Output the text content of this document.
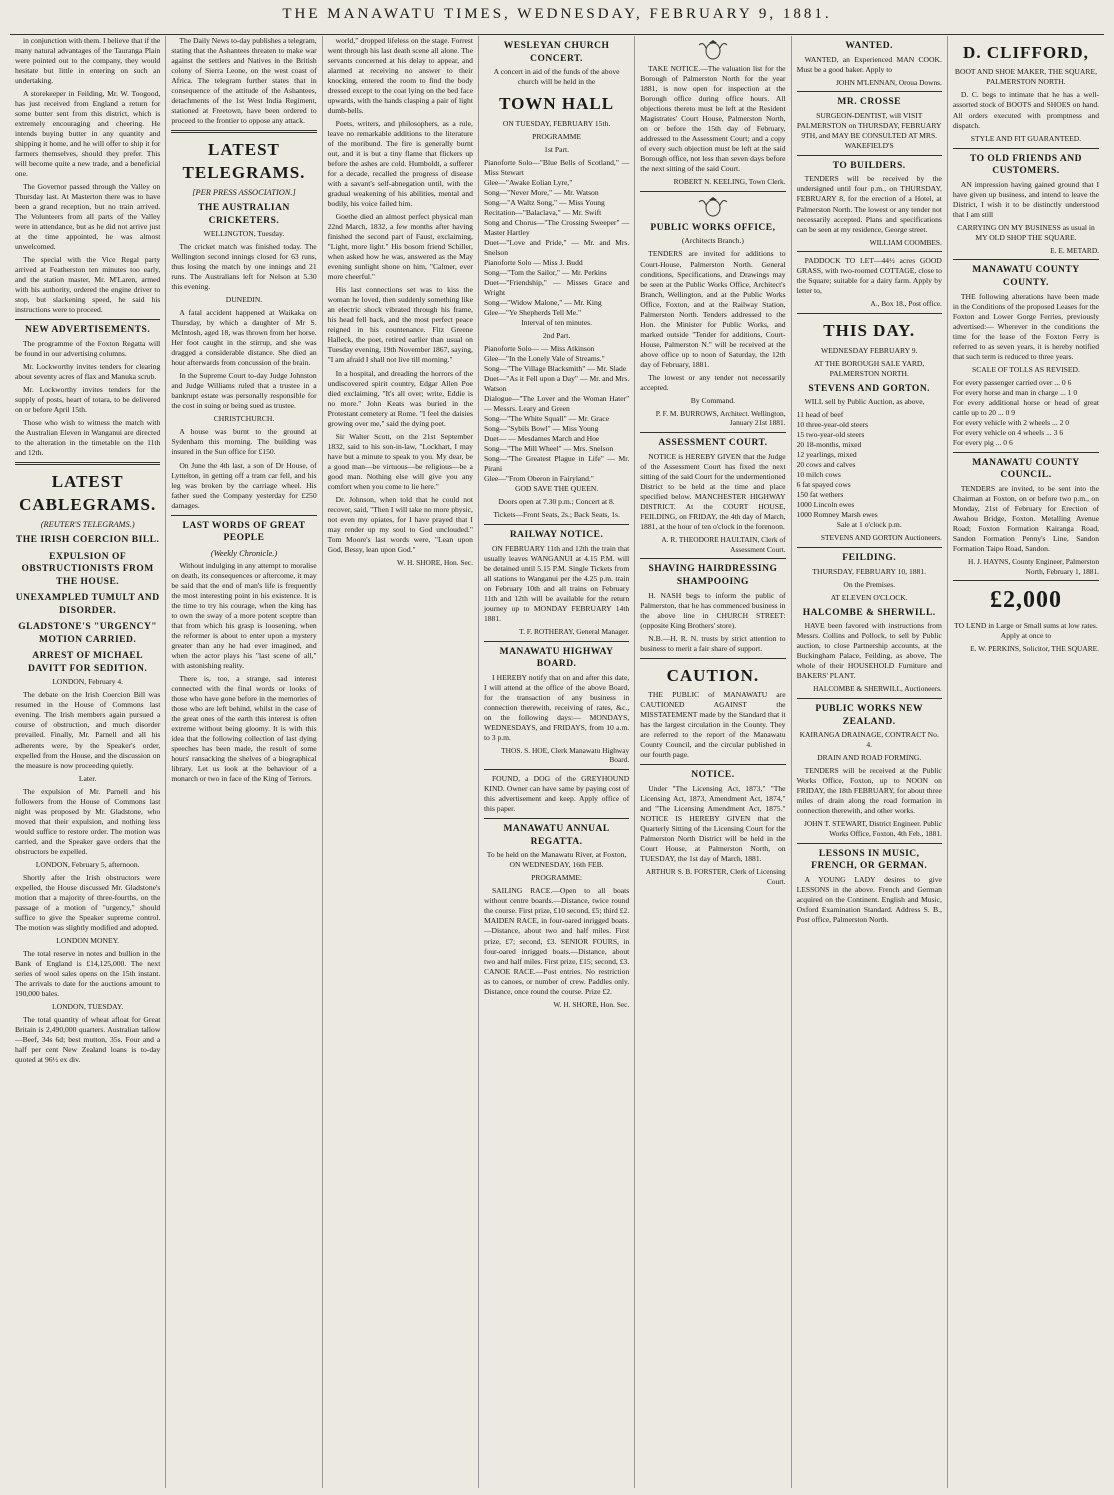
THE MANAWATU TIMES, WEDNESDAY, FEBRUARY 9, 1881.

in conjunction with them. I believe that if the many natural advantages of the Tauranga Plain were pointed out to the company, they would hesitate but little in entering on such an undertaking.

A storekeeper in Feilding, Mr. W. Toogood, has just received from England a return for some butter sent from this district, which is extremely encouraging and cheering. He intends buying butter in any quantity and shipping it home, and he will offer to ship it for farmers themselves, should they prefer. This will become quite a new trade, and a beneficial one.

The Governor passed through the Valley on Thursday last. At Masterton there was to have been a grand reception, but no train arrived. The Volunteers from all parts of the Valley were in attendance, but as he did not arrive just at the time appointed, he was almost unwelcomed.

The special with the Vice Regal party arrived at Featherston ten minutes too early, and the station master, Mr. M'Laren, armed with his authority, ordered the engine driver to stop, but slackening speed, he said his instructions were to proceed.

NEW ADVERTISEMENTS.

The programme of the Foxton Regatta will be found in our advertising columns.

Mr. Lockworthy invites tenders for clearing about seventy acres of flax and Manuka scrub.

Mr. Lockworthy invites tenders for the supply of posts, heart of totara, to be delivered on or before April 15th.

Those who wish to witness the match with the Australian Eleven in Wanganui are directed to the alteration in the timetable on the 11th and 12th.

LATEST CABLEGRAMS.
(REUTER'S TELEGRAMS.)
THE IRISH COERCION BILL.
EXPULSION OF OBSTRUCTIONISTS FROM THE HOUSE.
UNEXAMPLED TUMULT AND DISORDER.
GLADSTONE'S "URGENCY" MOTION CARRIED.
ARREST OF MICHAEL DAVITT FOR SEDITION.

LONDON, February 4.

The debate on the Irish Coercion Bill was resumed in the House of Commons last evening. The Irish members again pursued a course of obstruction, and much disorder prevailed. Finally, Mr. Parnell and all his adherents were, by the Speaker's order, expelled from the House, and the discussion on the measure is now proceeding quietly.

Later.

The expulsion of Mr. Parnell and his followers from the House of Commons last night was proposed by Mr. Gladstone, who moved that their expulsion, and nothing less would suffice to restore order. The motion was carried, and the Speaker gave orders that the obstructors be expelled.

LONDON, February 5, afternoon.

Shortly after the Irish obstructors were expelled, the House discussed Mr. Gladstone's motion that a majority of three-fourths, on the passage of a motion of "urgency," should suffice to give the Speaker supreme control. The motion was slightly modified and adopted.

LONDON MONEY.

The total reserve in notes and bullion in the Bank of England is £14,125,000. The next series of wool sales opens on the 15th instant. The arrivals to date for the auctions amount to 190,000 bales.

LONDON, TUESDAY.

The total quantity of wheat afloat for Great Britain is 2,490,000 quarters. Australian tallow—Beef, 34s 6d; best mutton, 35s. Four and a half per cent New Zealand loans is to-day quoted at 96½ ex div.

The Daily News to-day publishes a telegram, stating that the Ashantees threaten to make war against the settlers and Natives in the British colony of Sierra Leone, on the west coast of Africa. The telegram further states that in consequence of the attitude of the Ashantees, detachments of the 1st West India Regiment, stationed at Freetown, have been ordered to proceed to the frontier to oppose any attack.

LATEST TELEGRAMS.
[PER PRESS ASSOCIATION.]
THE AUSTRALIAN CRICKETERS.

WELLINGTON, Tuesday.

The cricket match was finished today. The Wellington second innings closed for 63 runs, thus losing the match by one innings and 21 runs. The Australians left for Nelson at 5.30 this evening.

DUNEDIN.

A fatal accident happened at Waikaka on Thursday, by which a daughter of Mr S. McIntosh, aged 18, was thrown from her horse. Her foot caught in the stirrup, and she was dragged a considerable distance. She died an hour afterwards from concussion of the brain.

In the Supreme Court to-day Judge Johnston and Judge Williams ruled that a trustee in a bankrupt estate was personally responsible for the cost in suing or being sued as trustee.

CHRISTCHURCH.

A house was burnt to the ground at Sydenham this morning. The building was insured in the Sun office for £150.

On June the 4th last, a son of Dr House, of Lyttelton, in getting off a tram car fell, and his leg was broken by the carriage wheel. His father sued the Company yesterday for £250 damages.

LAST WORDS OF GREAT PEOPLE
(Weekly Chronicle.)

Without indulging in any attempt to moralise on death, its consequences or aftercome, it may be said that the end of man's life is frequently the most interesting point in his existence. It is the time to try his courage, when the king has to own the sway of a more potent sceptre than that from which his grasp is loosening, when the reformer is about to enter upon a mystery greater than any he had ever imagined, and when the actor plays his "last scene of all," with astonishing reality.

There is, too, a strange, sad interest connected with the final words or looks of those who have gone before in the memories of those who are left behind, whilst in the case of the great ones of the earth this interest is often extreme without being gloomy. It is with this idea that the following collection of last dying speeches has been made, the result of some hours' ransacking the shelves of a biographical library. Let us look at the behaviour of a monarch or two in face of the King of Terrors.

world," dropped lifeless on the stage. Forrest went through his last death scene all alone. The servants concerned at his delay to appear, and alarmed at receiving no answer to their knocking, entered the room to find the body dressed except to the coat lying on the bed face upwards, with the hands clasping a pair of light dumb-bells.

Poets, writers, and philosophers, as a rule, leave no remarkable additions to the literature of the moribund. The fire is generally burnt out, and it is but a tiny flame that flickers up before the ashes are cold. Humboldt, a sufferer for a decade, recalled the progress of disease with a savant's self-abnegation until, with the gradual weakening of his abilities, mental and bodily, his voice failed him.

Goethe died an almost perfect physical man 22nd March, 1832, a few months after having finished the second part of Faust, exclaiming, "Light, more light." His bosom friend Schiller, when asked how he was, answered as the May evening sunlight shone on him, "Calmer, ever more cheerful."

His last connections set was to kiss the woman he loved, then suddenly something like an electric shock vibrated through his frame, his head fell back, and the most perfect peace reigned in his countenance. Fitz Greene Halleck, the poet, retired earlier than usual on Tuesday evening, 19th November 1867, saying, "I am afraid I shall not live till morning."

In a hospital, and dreading the horrors of the undiscovered spirit country, Edgar Allen Poe died exclaiming, "It's all over; write, Eddie is no more." John Keats was buried in the Protestant cemetery at Rome. "I feel the daisies growing over me," said the dying poet.

Sir Walter Scott, on the 21st September 1832, said to his son-in-law, "Lockhart, I may have but a minute to speak to you. My dear, be a good man—be virtuous—be religious—be a good man. Nothing else will give you any comfort when you come to lie here."

Dr. Johnson, when told that he could not recover, said, "Then I will take no more physic, not even my opiates, for I have prayed that I may render up my soul to God unclouded." Tom Moore's last words were, "Lean upon God, Bessy, lean upon God."

W. H. SHORE, Hon. Sec.
WESLEYAN CHURCH CONCERT.

A concert in aid of the funds of the above church will be held in the

TOWN HALL

ON TUESDAY, FEBRUARY 15th.

PROGRAMME

1st Part.

Pianoforte Solo—"Blue Bells of Scotland," — Miss Stewart
Glee—"Awake Eolian Lyre,"
Song—"Never More," — Mr. Watson
Song—"A Waltz Song," — Miss Young
Recitation—"Balaclava," — Mr. Swift
Song and Chorus—"The Crossing Sweeper" — Master Hartley
Duet—"Love and Pride," — Mr. and Mrs. Snelson
Pianoforte Solo — Miss J. Budd
Song—"Tom the Sailor," — Mr. Perkins
Duet—"Friendship," — Misses Grace and Wright
Song—"Widow Malone," — Mr. King
Glee—"Ye Shepherds Tell Me."

Interval of ten minutes.

2nd Part.

Pianoforte Solo— — Miss Atkinson
Glee—"In the Lonely Vale of Streams."
Song—"The Village Blacksmith" — Mr. Slade
Duet—"As it Fell upon a Day" — Mr. and Mrs. Watson
Dialogue—"The Lover and the Woman Hater" — Messrs. Leary and Green
Song—"The White Squall" — Mr. Grace
Song—"Sybils Bowl" — Miss Young
Duet— — Mesdames March and Hoe
Song—"The Mill Wheel" — Mrs. Snelson
Song—"The Greatest Plague in Life" — Mr. Pirani
Glee—"From Oberon in Fairyland."

GOD SAVE THE QUEEN.

Doors open at 7.30 p.m.; Concert at 8.

Tickets—Front Seats, 2s.; Back Seats, 1s.

RAILWAY NOTICE.

ON FEBRUARY 11th and 12th the train that usually leaves WANGANUI at 4.15 P.M. will be detained until 5.15 P.M. Single Tickets from all stations to Wanganui per the 4.25 p.m. train on February 10th and all trains on February 11th and 12th will be available for the return journey up to MONDAY FEBRUARY 14th 1881.

T. F. ROTHERAY, General Manager.
MANAWATU HIGHWAY BOARD.

I HEREBY notify that on and after this date, I will attend at the office of the above Board, for the transaction of any business in connection therewith, receiving of rates, &c., on the following days:— MONDAYS, WEDNESDAYS, and FRIDAYS, from 10 a.m. to 3 p.m.

THOS. S. HOE, Clerk Manawatu Highway Board.

FOUND, a DOG of the GREYHOUND KIND. Owner can have same by paying cost of this advertisement and keep. Apply office of this paper.

MANAWATU ANNUAL REGATTA.

To be held on the Manawatu River, at Foxton, ON WEDNESDAY, 16th FEB.

PROGRAMME:

SAILING RACE.—Open to all boats without centre boards.—Distance, twice round the course. First prize, £10 second, £5; third £2. MAIDEN RACE, in four-oared inrigged boats.—Distance, about two and half miles. First prize, £7; second, £3. SENIOR FOURS, in four-oared inrigged boats.—Distance, about two and half miles. First prize, £15; second, £3. CANOE RACE.—Post entries. No restriction as to canoes, or number of crew. Paddles only. Distance, once round the course. Prize £2.

W. H. SHORE, Hon. Sec.

TAKE NOTICE.—The valuation list for the Borough of Palmerston North for the year 1881, is now open for inspection at the Borough office during office hours. All objections thereto must be left at the Resident Magistrates' Court House, Palmerston North, on or before the 15th day of February, addressed to the Assessment Court; and a copy of every such objection must be left at the said Borough office, not less than seven days before the next sitting of the said Court.

ROBERT N. KEELING, Town Clerk.
PUBLIC WORKS OFFICE,

(Architects Branch.)

TENDERS are invited for additions to Court-House, Palmerston North. General conditions, Specifications, and Drawings may be seen at the Public Works Office, Architect's Branch, Wellington, and at the Public Works Office, Foxton, and at the Railway Station, Palmerston North. Tenders addressed to the Hon. the Minister for Public Works, and marked outside "Tender for additions, Court-House, Palmerston N." will be received at the above office up to noon of Saturday, the 12th day of February, 1881.

The lowest or any tender not necessarily accepted.

By Command.

P. F. M. BURROWS, Architect. Wellington, January 21st 1881.
ASSESSMENT COURT.

NOTICE is HEREBY GIVEN that the Judge of the Assessment Court has fixed the next sitting of the said Court for the undermentioned District to be held at the time and place specified below. MANCHESTER HIGHWAY DISTRICT. At the COURT HOUSE, FEILDING, on FRIDAY, the 4th day of March, 1881, at the hour of ten o'clock in the forenoon.

A. R. THEODORE HAULTAIN, Clerk of Assessment Court.
SHAVING HAIRDRESSING SHAMPOOING

H. NASH begs to inform the public of Palmerston, that he has commenced business in the above line in CHURCH STREET: (opposite King Brothers' store).

N.B.—H. R. N. trusts by strict attention to business to merit a fair share of support.

CAUTION.

THE PUBLIC of MANAWATU are CAUTIONED AGAINST the MISSTATEMENT made by the Standard that it has the largest circulation in the County. They are referred to the report of the Manawatu County Council, and the circular published in our fourth page.

NOTICE.

Under "The Licensing Act, 1873," "The Licensing Act, 1873, Amendment Act, 1874," and "The Licensing Amendment Act, 1875." NOTICE IS HEREBY GIVEN that the Quarterly Sitting of the Licensing Court for the Palmerston North District will be held in the Court House, at Palmerston North, on TUESDAY, the 1st day of March, 1881.

ARTHUR S. B. FORSTER, Clerk of Licensing Court.
WANTED.

WANTED, an Experienced MAN COOK. Must be a good baker. Apply to

JOHN M'LENNAN, Oroua Downs.
MR. CROSSE

SURGEON-DENTIST, will VISIT PALMERSTON on THURSDAY, FEBRUARY 9TH, and MAY BE CONSULTED AT MRS. WAKEFIELD'S

TO BUILDERS.

TENDERS will be received by the undersigned until four p.m., on THURSDAY, FEBRUARY 8, for the erection of a Hotel, at Palmerston North. The lowest or any tender not necessarily accepted. Plans and specifications can be seen at my residence, George street.

WILLIAM COOMBES.

PADDOCK TO LET—44½ acres GOOD GRASS, with two-roomed COTTAGE, close to the Square; suitable for a dairy farm. Apply by letter to,

A., Box 18., Post office.
THIS DAY.

WEDNESDAY FEBRUARY 9.

AT THE BOROUGH SALE YARD, PALMERSTON NORTH.

STEVENS AND GORTON.

WILL sell by Public Auction, as above,

11 head of beef
10 three-year-old steers
15 two-year-old steers
20 18-months, mixed
12 yearlings, mixed
20 cows and calves
10 milch cows
6 fat spayed cows
150 fat wethers
1000 Lincoln ewes
1000 Romney Marsh ewes

Sale at 1 o'clock p.m.

STEVENS AND GORTON Auctioneers.
FEILDING.

THURSDAY, FEBRUARY 10, 1881.

On the Premises.

AT ELEVEN O'CLOCK.

HALCOMBE & SHERWILL.

HAVE been favored with instructions from Messrs. Collins and Pollock, to sell by Public auction, to close Partnership accounts, at the Buckingham Palace, Feilding, as above, The whole of their HOUSEHOLD Furniture and BAKERS' PLANT.

HALCOMBE & SHERWILL, Auctioneers.
PUBLIC WORKS NEW ZEALAND.

KAIRANGA DRAINAGE, CONTRACT No. 4.

DRAIN AND ROAD FORMING.

TENDERS will be received at the Public Works Office, Foxton, up to NOON on FRIDAY, the 18th FEBRUARY, for about three miles of drain along the road formation in connection therewith, and other works.

JOHN T. STEWART, District Engineer. Public Works Office, Foxton, 4th Feb., 1881.
LESSONS IN MUSIC, FRENCH, OR GERMAN.

A YOUNG LADY desires to give LESSONS in the above. French and German acquired on the Continent. English and Music, Oxford Examination Standard. Address S. B., Post office, Palmerston North.

D. CLIFFORD,

BOOT AND SHOE MAKER, THE SQUARE, PALMERSTON NORTH.

D. C. begs to intimate that he has a well-assorted stock of BOOTS and SHOES on hand. All orders executed with promptness and dispatch.

STYLE AND FIT GUARANTEED.

TO OLD FRIENDS AND CUSTOMERS.

AN impression having gained ground that I have given up business, and intend to leave the District, I wish it to be distinctly understood that I am still

CARRYING ON MY BUSINESS as usual in MY OLD SHOP THE SQUARE.

E. E. METARD.
MANAWATU COUNTY COUNTY.

THE following alterations have been made in the Conditions of the proposed Leases for the Foxton and Lower Gorge Ferries, previously advertised:— Wherever in the conditions the time for the lease of the Foxton Ferry is referred to as seven years, it is hereby notified that such term is reduced to three years.

SCALE OF TOLLS AS REVISED.

For every passenger carried over ... 0 6
For every horse and man in charge ... 1 0
For every additional horse or head of great cattle up to 20 ... 0 9
For every vehicle with 2 wheels ... 2 0
For every vehicle on 4 wheels ... 3 6
For every pig ... 0 6
MANAWATU COUNTY COUNCIL.

TENDERS are invited, to be sent into the Chairman at Foxton, on or before two p.m., on Monday, 21st of February for Erection of Awahou Bridge, Foxton. Metalling Avenue Road; Foxton Formation Kairanga Road, Sandon Formation Penny's Line, Sandon Formation Taipo Road, Sandon.

H. J. HAYNS, County Engineer, Palmerston North, February 1, 1881.
£2,000

TO LEND in Large or Small sums at low rates. Apply at once to

E. W. PERKINS, Solicitor, THE SQUARE.
